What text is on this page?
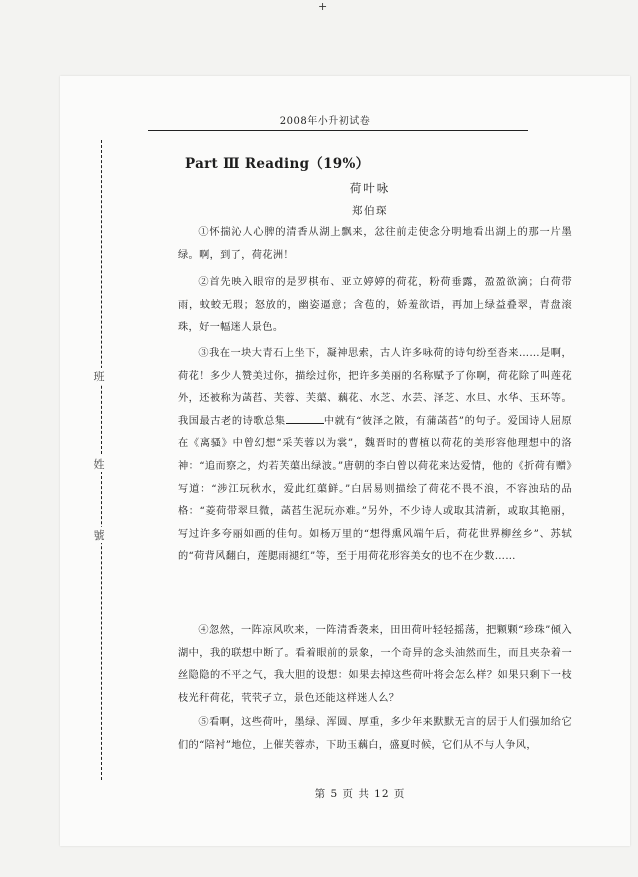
+
2008年小升初试卷
班
姓
號
Part Ⅲ Reading（19%）
荷叶咏
郑伯琛

①怀揣沁人心脾的清香从湖上飘来，忿往前走使念分明地看出湖上的那一片墨绿。啊，到了，荷花洲！

②首先映入眼帘的是罗棋布、亚立婷婷的荷花，粉荷垂露，盈盈欲滴；白荷带雨，蚊蛟无瑕；怒放的，幽姿逼意；含苞的，娇羞欲语，再加上绿益叠翠，青盘滚珠，好一幅迷人景色。

③我在一块大青石上坐下，凝神思索，古人许多咏荷的诗句纷至沓来……是啊，荷花！多少人赞美过你，描绘过你，把许多美丽的名称赋予了你啊，荷花除了叫莲花外，还被称为菡萏、芙蓉、芙蕖、藕花、水芝、水芸、泽芝、水旦、水华、玉环等。我国最古老的诗歌总集	中就有“彼泽之陂，有蒲菡萏”的句子。爱国诗人屈原在《离骚》中曾幻想“采芙蓉以为裳”，魏晋时的曹植以荷花的美形容他理想中的洛神：“追而察之，灼若芙蕖出绿波。”唐朝的李白曾以荷花来达爱情，他的《折荷有赠》写道：“涉江玩秋水，爱此红蕖鲜。”白居易则描绘了荷花不畏不浪，不容浊玷的品格：“菱荷带翠旦微，菡萏生泥玩亦难。”另外，不少诗人或取其清新，或取其艳丽，写过许多夸丽如画的佳句。如杨万里的“想得熏风端午后，荷花世界柳丝乡”、苏轼的“荷背风翻白，莲腮雨褪红”等，至于用荷花形容美女的也不在少数……

④忽然，一阵凉风吹来，一阵清香袭来，田田荷叶轻轻摇荡，把颗颗“珍珠”倾入湖中，我的联想中断了。看着眼前的景象，一个奇异的念头油然而生，而且夹杂着一丝隐隐的不平之气，我大胆的设想：如果去掉这些荷叶将会怎么样？如果只剩下一枝枝光秆荷花，茕茕孑立，景色还能这样迷人么？

⑤看啊，这些荷叶，墨绿、浑圆、厚重，多少年来默默无言的居于人们强加给它们的“陪衬”地位，上催芙蓉赤，下助玉藕白，盛夏时候，它们从不与人争风，

第 5 页 共 12 页
